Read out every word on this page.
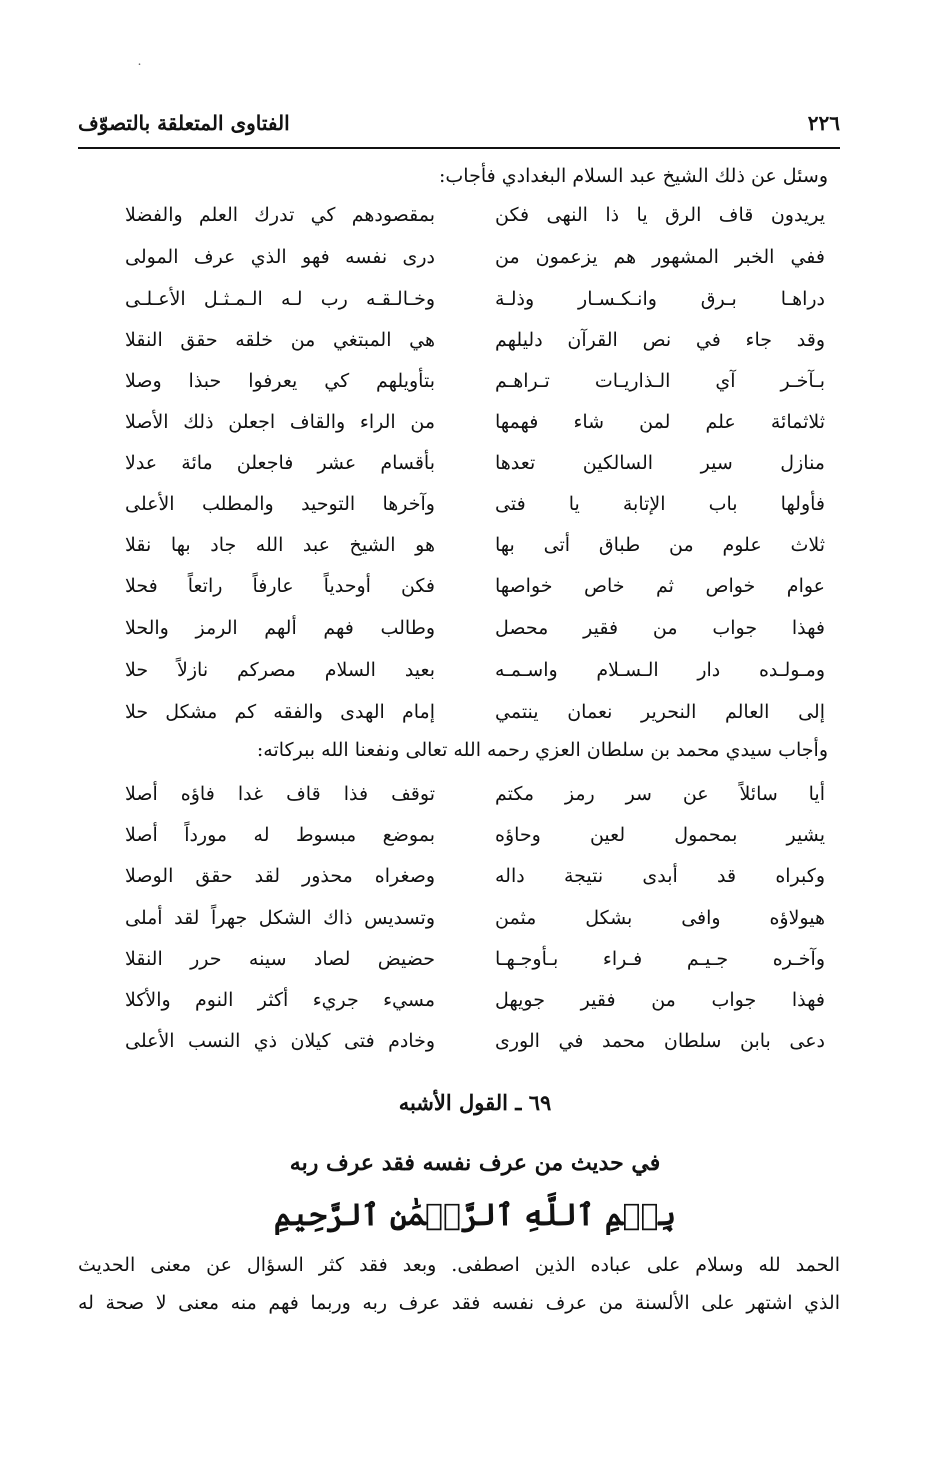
˙
٢٢٦
الفتاوى المتعلقة بالتصوّف
وسئل عن ذلك الشيخ عبد السلام البغدادي فأجاب:
يريدون قاف الرق يا ذا النهى فكن
بمقصودهم كي تدرك العلم والفضلا
ففي الخبر المشهور هم يزعمون من
درى نفسه فهو الذي عرف المولى
دراهـا بـرق وانـكـسـار وذلـة
وخـالـقـه رب لـه الـمـثـل الأعـلـى
وقد جاء في نص القرآن دليلهم
هي المبتغي من خلقه حقق النقلا
بـآخـر آي الـذاريـات تـراهـم
بتأويلهم كي يعرفوا حبذا وصلا
ثلاثمائة علم لمن شاء فهمها
من الراء والقاف اجعلن ذلك الأصلا
منازل سير السالكين تعدها
بأقسام عشر فاجعلن مائة عدلا
فأولها باب الإتابة يا فتى
وآخرها التوحيد والمطلب الأعلى
ثلاث علوم من طباق أتى بها
هو الشيخ عبد الله جاد بها نقلا
عوام خواص ثم خاص خواصها
فكن أوحدياً عارفاً راتعاً فحلا
فهذا جواب من فقير محصل
وطالب فهم ألهم الرمز والحلا
ومـولـده دار الـسـلام واسـمـه
بعيد السلام مصركم نازلاً حلا
إلى العالم النحرير نعمان ينتمي
إمام الهدى والفقه كم مشكل حلا
وأجاب سيدي محمد بن سلطان العزي رحمه الله تعالى ونفعنا الله ببركاته:
أيا سائلاً عن سر رمز مكتم
توقف فذا قاف غدا فاؤه أصلا
يشير بمحمول لعين وحاؤه
بموضع مبسوط له مورداً أصلا
وكبراه قد أبدى نتيجة داله
وصغراه محذور لقد حقق الوصلا
هيولاؤه وافى بشكل مثمن
وتسديس ذاك الشكل جهراً لقد أملى
وآخـره جـيـم فـراء بـأوجـهـا
حضيض لصاد سينه حرر النقلا
فهذا جواب من فقير جويهل
مسيء جريء أكثر النوم والأكلا
دعى بابن سلطان محمد في الورى
وخادم فتى كيلان ذي النسب الأعلى
٦٩ ـ القول الأشبه
في حديث من عرف نفسه فقد عرف ربه
بِسۡمِ ٱللَّهِ ٱلرَّحۡمَٰنِ ٱلرَّحِيمِ
الحمد لله وسلام على عباده الذين اصطفى. وبعد فقد كثر السؤال عن معنى الحديث
الذي اشتهر على الألسنة من عرف نفسه فقد عرف ربه وربما فهم منه معنى لا صحة له
